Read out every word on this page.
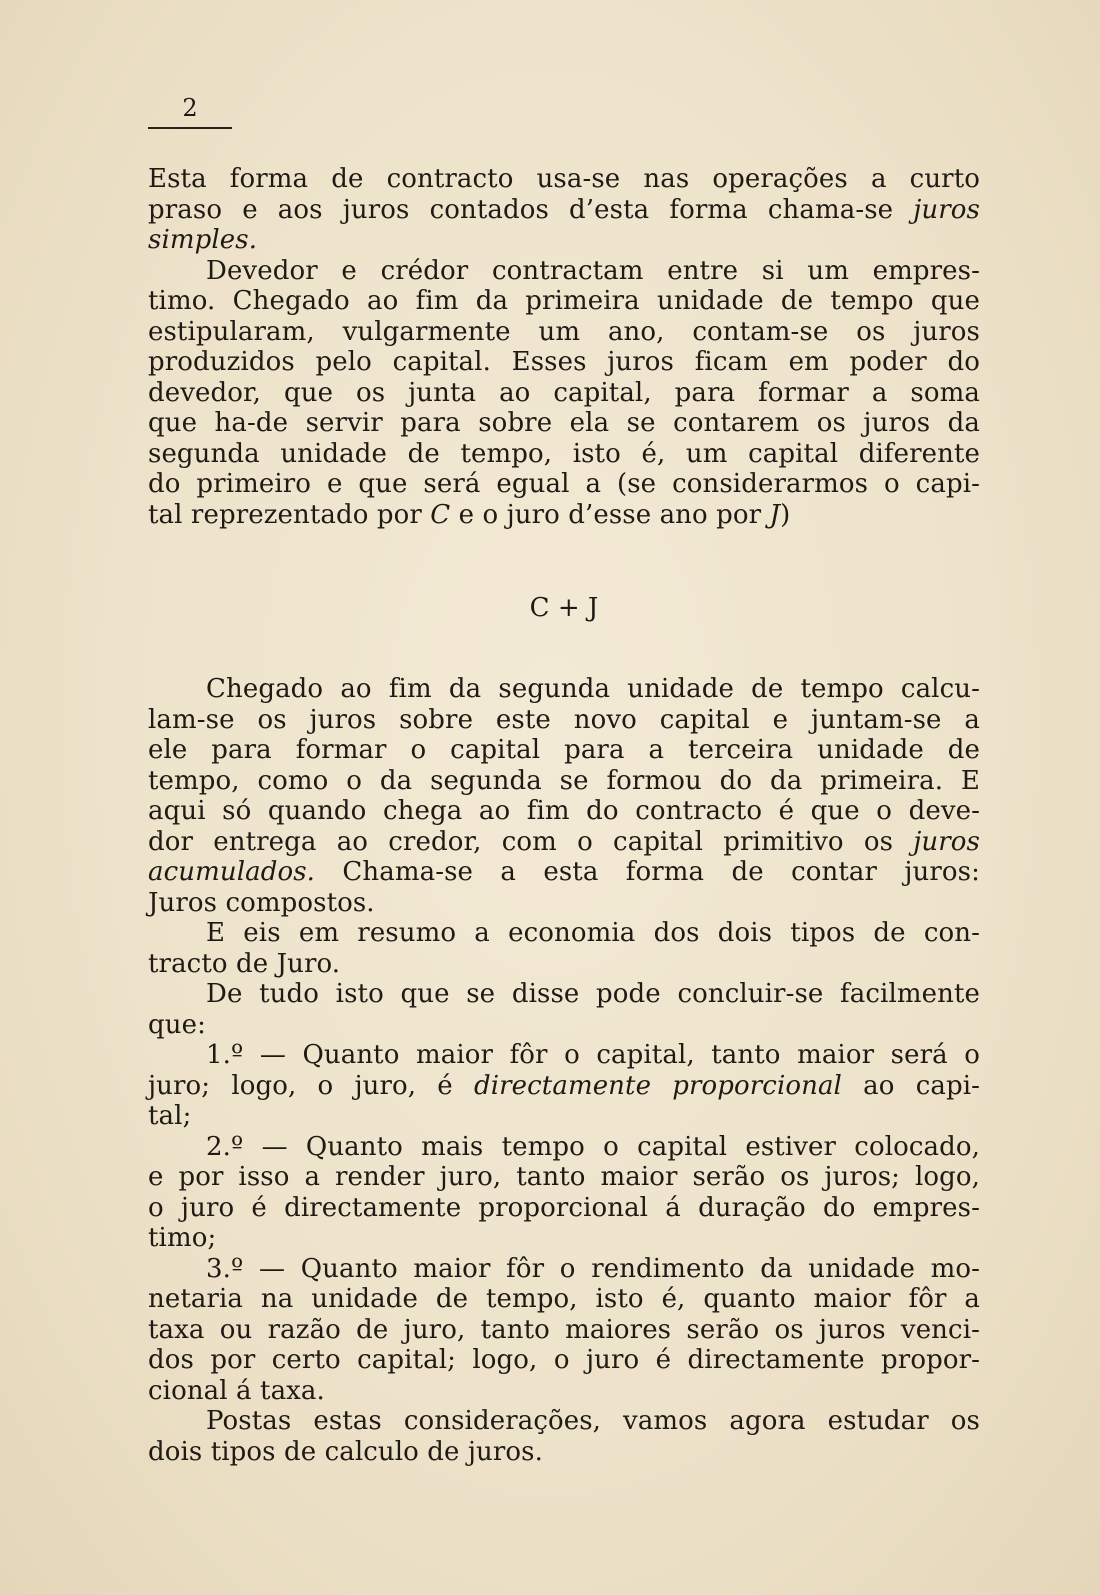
2

Esta forma de contracto usa-se nas operações a curto

praso e aos juros contados d’esta forma chama-se juros

simples.

Devedor e crédor contractam entre si um empres-

timo. Chegado ao fim da primeira unidade de tempo que

estipularam, vulgarmente um ano, contam-se os juros

produzidos pelo capital. Esses juros ficam em poder do

devedor, que os junta ao capital, para formar a soma

que ha-de servir para sobre ela se contarem os juros da

segunda unidade de tempo, isto é, um capital diferente

do primeiro e que será egual a (se considerarmos o capi-

tal reprezentado por C e o juro d’esse ano por J)

C + J

Chegado ao fim da segunda unidade de tempo calcu-

lam-se os juros sobre este novo capital e juntam-se a

ele para formar o capital para a terceira unidade de

tempo, como o da segunda se formou do da primeira. E

aqui só quando chega ao fim do contracto é que o deve-

dor entrega ao credor, com o capital primitivo os juros

acumulados. Chama-se a esta forma de contar juros:

Juros compostos.

E eis em resumo a economia dos dois tipos de con-

tracto de Juro.

De tudo isto que se disse pode concluir-se facilmente

que:

1.º — Quanto maior fôr o capital, tanto maior será o

juro; logo, o juro, é directamente proporcional ao capi-

tal;

2.º — Quanto mais tempo o capital estiver colocado,

e por isso a render juro, tanto maior serão os juros; logo,

o juro é directamente proporcional á duração do empres-

timo;

3.º — Quanto maior fôr o rendimento da unidade mo-

netaria na unidade de tempo, isto é, quanto maior fôr a

taxa ou razão de juro, tanto maiores serão os juros venci-

dos por certo capital; logo, o juro é directamente propor-

cional á taxa.

Postas estas considerações, vamos agora estudar os

dois tipos de calculo de juros.
